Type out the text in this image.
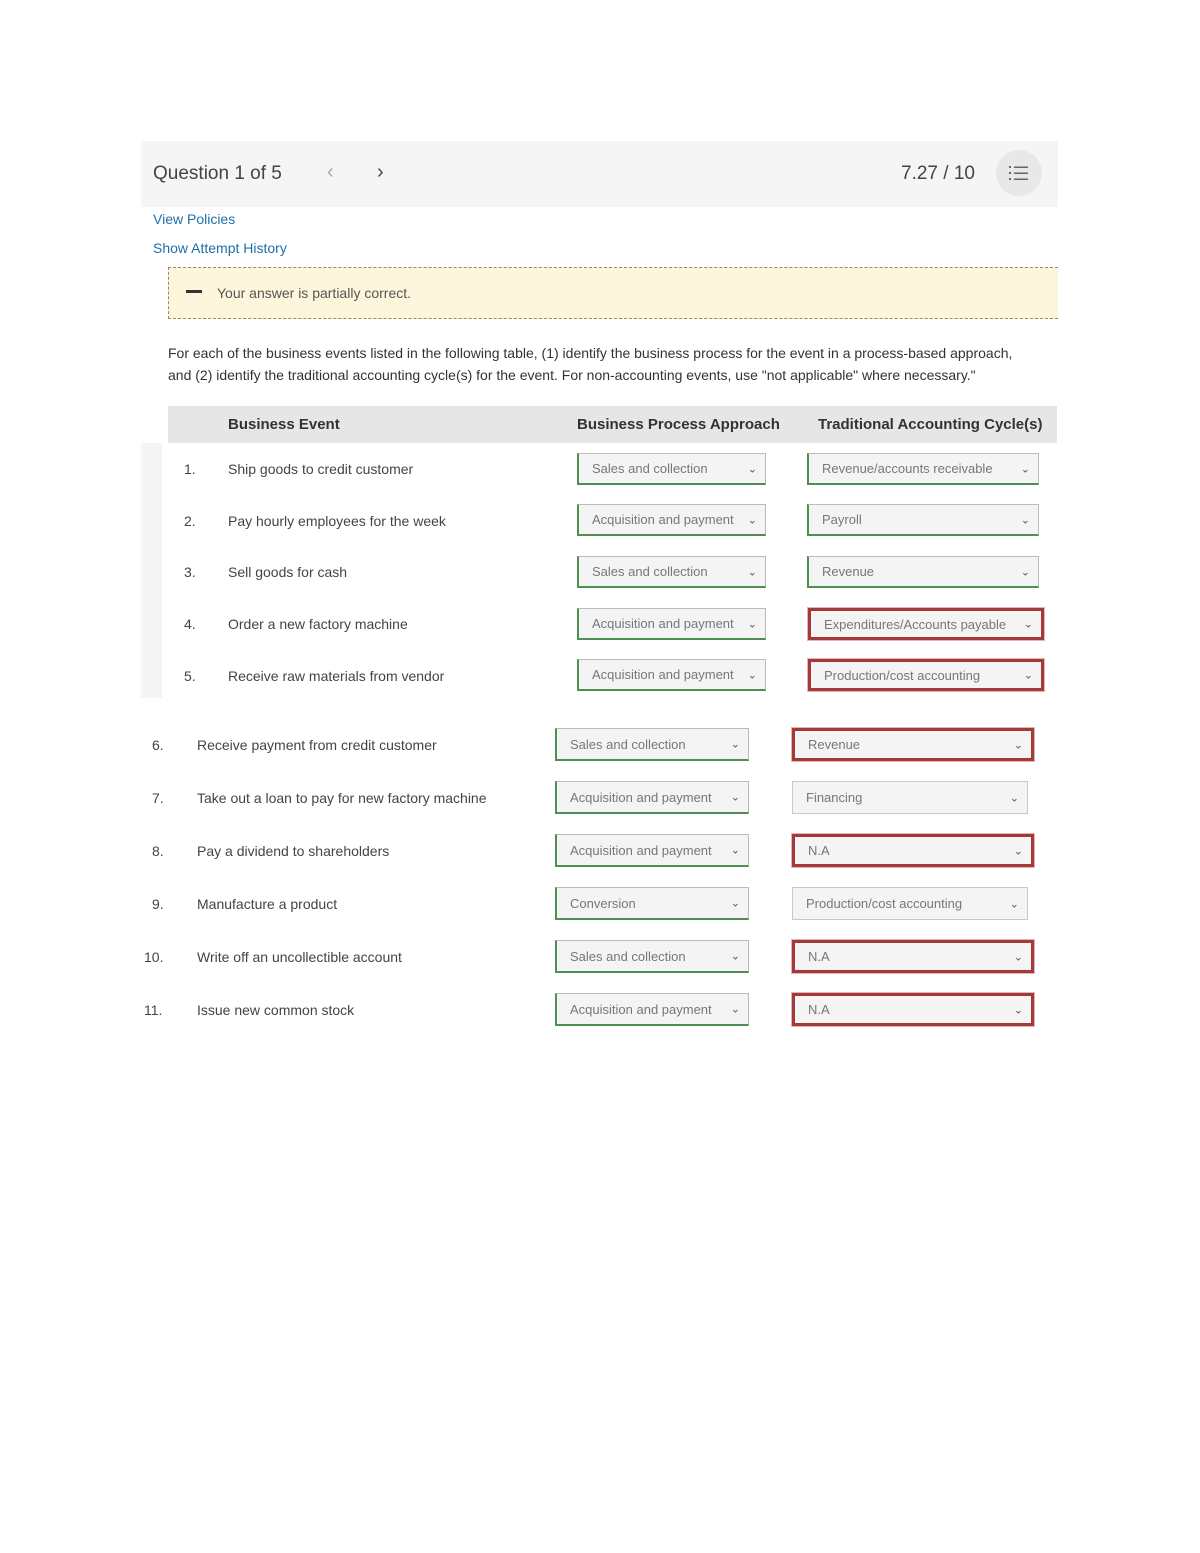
Question 1 of 5 ‹ ›	7.27 / 10
View Policies
Show Attempt History
Your answer is partially correct.
For each of the business events listed in the following table, (1) identify the business process for the event in a process-based approach,
and (2) identify the traditional accounting cycle(s) for the event. For non-accounting events, use "not applicable" where necessary."
Business Event	Business Process Approach	Traditional Accounting Cycle(s)
1. Ship goods to credit customer	Sales and collection	⌄	Revenue/accounts receivable	⌄
2. Pay hourly employees for the week	Acquisition and payment ⌄	Payroll	⌄
3. Sell goods for cash	Sales and collection	⌄	Revenue	⌄
4. Order a new factory machine	Acquisition and payment ⌄	Expenditures/Accounts payable ⌄
5. Receive raw materials from vendor	Acquisition and payment ⌄	Production/cost accounting	⌄
6. Receive payment from credit customer	Sales and collection	⌄	Revenue	⌄
7. Take out a loan to pay for new factory machine	Acquisition and payment ⌄	Financing	⌄
8. Pay a dividend to shareholders	Acquisition and payment ⌄	N.A	⌄
9. Manufacture a product	Conversion	⌄	Production/cost accounting	⌄
10. Write off an uncollectible account	Sales and collection	⌄	N.A	⌄
11. Issue new common stock	Acquisition and payment ⌄	N.A	⌄
